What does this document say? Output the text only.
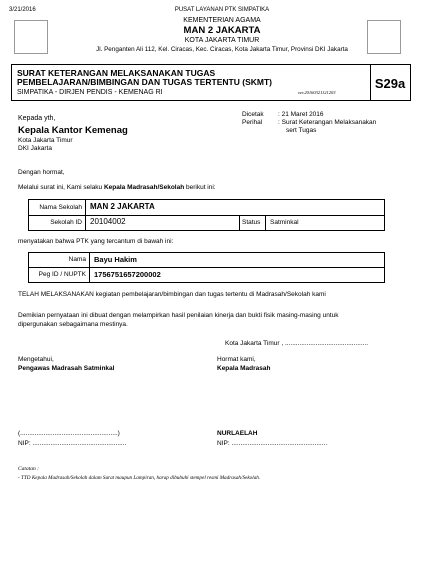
3/21/2016	PUSAT LAYANAN PTK SIMPATIKA
KEMENTERIAN AGAMA
MAN 2 JAKARTA
KOTA JAKARTA TIMUR
Jl. Penganten Ali 112, Kel. Ciracas, Kec. Ciracas, Kota Jakarta Timur, Provinsi DKI Jakarta
SURAT KETERANGAN MELAKSANAKAN TUGAS
PEMBELAJARAN/BIMBINGAN DAN TUGAS TERTENTU (SKMT)
SIMPATIKA - DIRJEN PENDIS - KEMENAG RI	ver.20160321121203
S29a
Kepada yth,
Kepala Kantor Kemenag
Kota Jakarta Timur
DKI Jakarta
Dicetak : 21 Maret 2016
Perihal : Surat Keterangan Melaksanakan
sert Tugas
Dengan hormat,
Melalui surat ini, Kami selaku Kepala Madrasah/Sekolah berikut ini:
Nama Sekolah MAN 2 JAKARTA
Sekolah ID 20104002	Status Satminkal
menyatakan bahwa PTK yang tercantum di bawah ini:
Nama Bayu Hakim
Peg ID / NUPTK 1756751657200002
TELAH MELAKSANAKAN kegiatan pembelajaran/bimbingan dan tugas tertentu di Madrasah/Sekolah kami
Demikian pernyataan ini dibuat dengan melampirkan hasil penilaian kinerja dan bukti fisik masing-masing untuk
dipergunakan sebagaimana mestinya.
Kota Jakarta Timur , ..............................................
Mengetahui,
Pengawas Madrasah Satminkal
Hormat kami,
Kepala Madrasah
(......................................................)
NIP: ....................................................
NURLAELAH
NIP: .....................................................
Catatan :
- TTD Kepala Madrasah/Sekolah dalam Surat maupun Lampiran, harap dibubuhi stempel resmi Madrasah/Sekolah.
